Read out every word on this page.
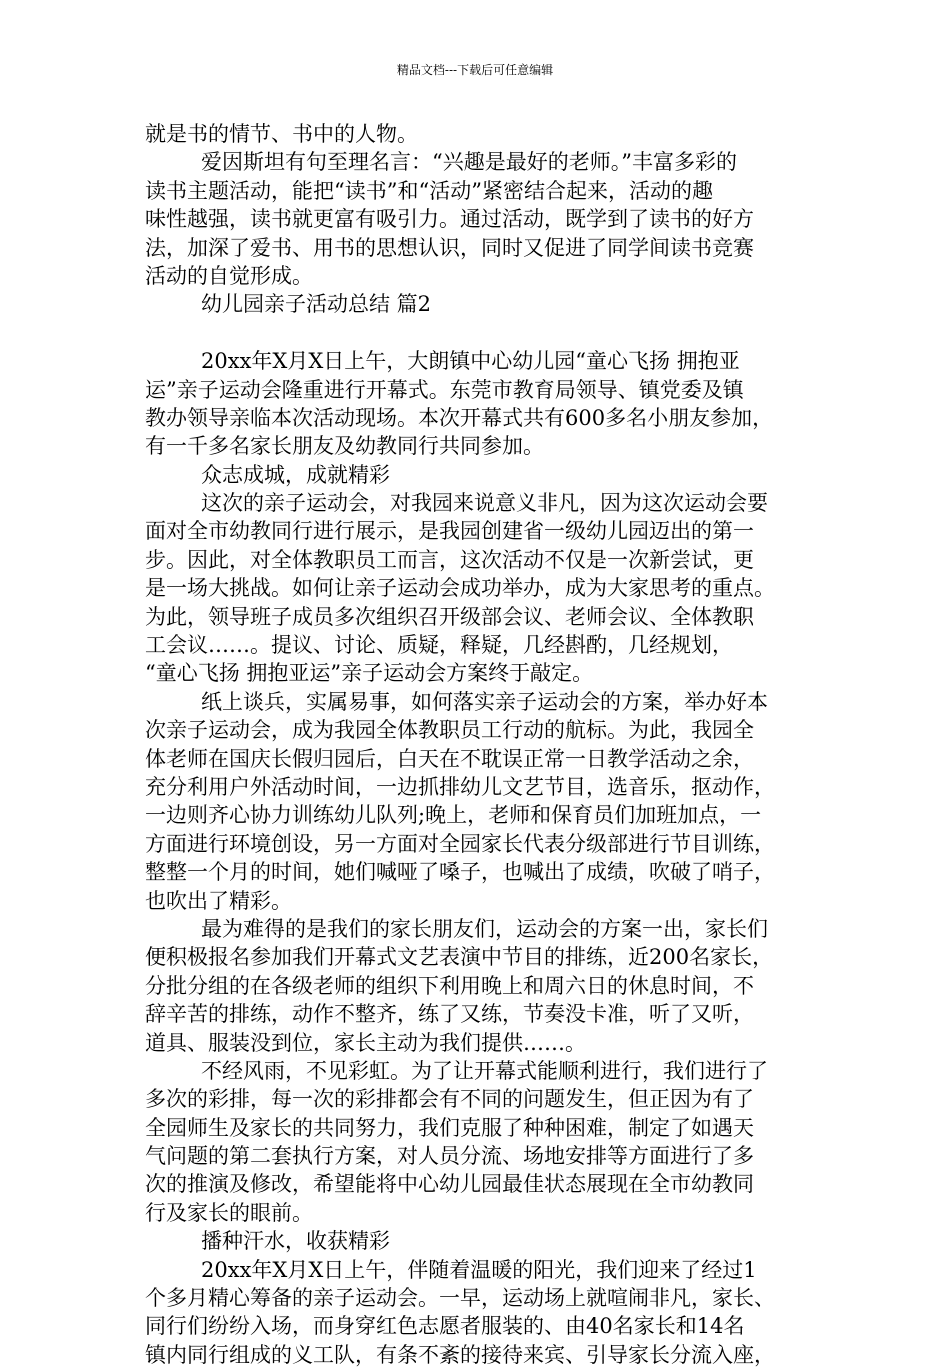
精品文档---下载后可任意编辑
就是书的情节、书中的人物。
爱因斯坦有句至理名言：“兴趣是最好的老师。”丰富多彩的
读书主题活动，能把“读书”和“活动”紧密结合起来，活动的趣
味性越强，读书就更富有吸引力。通过活动，既学到了读书的好方
法，加深了爱书、用书的思想认识，同时又促进了同学间读书竞赛
活动的自觉形成。
幼儿园亲子活动总结 篇2
20xx年X月X日上午，大朗镇中心幼儿园“童心飞扬 拥抱亚
运”亲子运动会隆重进行开幕式。东莞市教育局领导、镇党委及镇
教办领导亲临本次活动现场。本次开幕式共有600多名小朋友参加，
有一千多名家长朋友及幼教同行共同参加。
众志成城，成就精彩
这次的亲子运动会，对我园来说意义非凡，因为这次运动会要
面对全市幼教同行进行展示，是我园创建省一级幼儿园迈出的第一
步。因此，对全体教职员工而言，这次活动不仅是一次新尝试，更
是一场大挑战。如何让亲子运动会成功举办，成为大家思考的重点。
为此，领导班子成员多次组织召开级部会议、老师会议、全体教职
工会议……。提议、讨论、质疑，释疑，几经斟酌，几经规划，
“童心飞扬 拥抱亚运”亲子运动会方案终于敲定。
纸上谈兵，实属易事，如何落实亲子运动会的方案，举办好本
次亲子运动会，成为我园全体教职员工行动的航标。为此，我园全
体老师在国庆长假归园后，白天在不耽误正常一日教学活动之余，
充分利用户外活动时间，一边抓排幼儿文艺节目，选音乐，抠动作，
一边则齐心协力训练幼儿队列;晚上，老师和保育员们加班加点，一
方面进行环境创设，另一方面对全园家长代表分级部进行节目训练，
整整一个月的时间，她们喊哑了嗓子，也喊出了成绩，吹破了哨子，
也吹出了精彩。
最为难得的是我们的家长朋友们，运动会的方案一出，家长们
便积极报名参加我们开幕式文艺表演中节目的排练，近200名家长，
分批分组的在各级老师的组织下利用晚上和周六日的休息时间，不
辞辛苦的排练，动作不整齐，练了又练，节奏没卡准，听了又听，
道具、服装没到位，家长主动为我们提供……。
不经风雨，不见彩虹。为了让开幕式能顺利进行，我们进行了
多次的彩排，每一次的彩排都会有不同的问题发生，但正因为有了
全园师生及家长的共同努力，我们克服了种种困难，制定了如遇天
气问题的第二套执行方案，对人员分流、场地安排等方面进行了多
次的推演及修改，希望能将中心幼儿园最佳状态展现在全市幼教同
行及家长的眼前。
播种汗水，收获精彩
20xx年X月X日上午，伴随着温暖的阳光，我们迎来了经过1
个多月精心筹备的亲子运动会。一早，运动场上就喧闹非凡，家长、
同行们纷纷入场，而身穿红色志愿者服装的、由40名家长和14名
镇内同行组成的义工队，有条不紊的接待来宾、引导家长分流入座，
